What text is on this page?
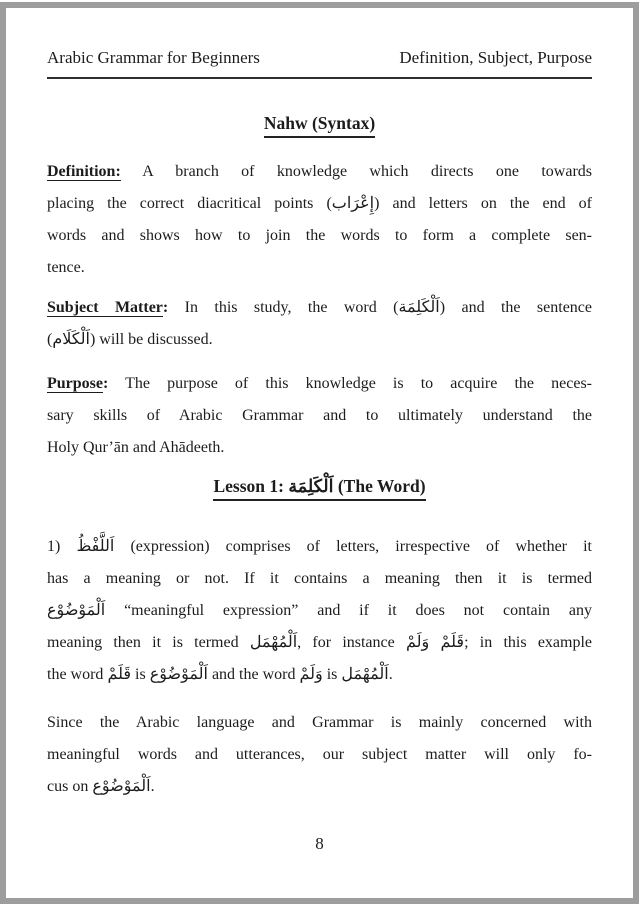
Arabic Grammar for Beginners	Definition, Subject, Purpose
Nahw (Syntax)
Definition: A branch of knowledge which directs one towards
placing the correct diacritical points (إِعْرَاب) and letters on the end of
words and shows how to join the words to form a complete sen-
tence.
Subject Matter: In this study, the word (اَلْكَلِمَة) and the sentence
(اَلْكَلَام) will be discussed.
Purpose: The purpose of this knowledge is to acquire the neces-
sary skills of Arabic Grammar and to ultimately understand the
Holy Qur’ān and Ahādeeth.
Lesson 1: اَلْكَلِمَة (The Word)
1) اَللَّفْظُ (expression) comprises of letters, irrespective of whether it
has a meaning or not. If it contains a meaning then it is termed
اَلْمَوْضُوْع “meaningful expression” and if it does not contain any
meaning then it is termed اَلْمُهْمَل, for instance قَلَمْ وَلَمْ; in this example
the word قَلَمْ is اَلْمَوْضُوْع and the word وَلَمْ is اَلْمُهْمَل.
Since the Arabic language and Grammar is mainly concerned with
meaningful words and utterances, our subject matter will only fo-
cus on اَلْمَوْضُوْع.
8
